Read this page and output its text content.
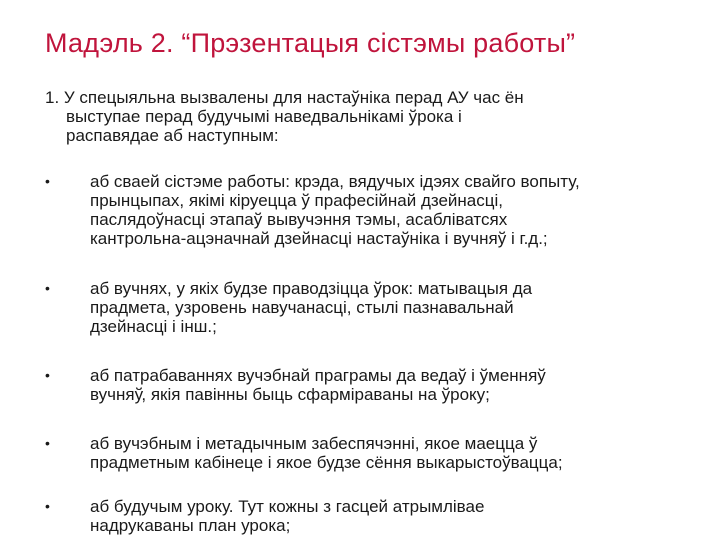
Мадэль 2. “Прэзентацыя сістэмы работы”
1. У спецыяльна вызвалены для настаўніка перад АУ час ён
выступае перад будучымі наведвальнікамі ўрока і
распавядае аб наступным:
•	аб сваей сістэме работы: крэда, вядучых ідэях свайго вопыту,
прынцыпах, якімі кіруецца ў прафесійнай дзейнасці,
паслядоўнасці этапаў вывучэння тэмы, асабліватсях
кантрольна-ацэначнай дзейнасці настаўніка і вучняў і г.д.;
•	аб вучнях, у якіх будзе праводзіцца ўрок: матывацыя да
прадмета, узровень навучанасці, стылі пазнавальнай
дзейнасці і інш.;
•	аб патрабаваннях вучэбнай праграмы да ведаў і ўменняў
вучняў, якія павінны быць сфарміраваны на ўроку;
•	аб вучэбным і метадычным забеспячэнні, якое маецца ў
прадметным кабінеце і якое будзе сёння выкарыстоўвацца;
•	аб будучым уроку. Тут кожны з гасцей атрымлівае
надрукаваны план урока;
